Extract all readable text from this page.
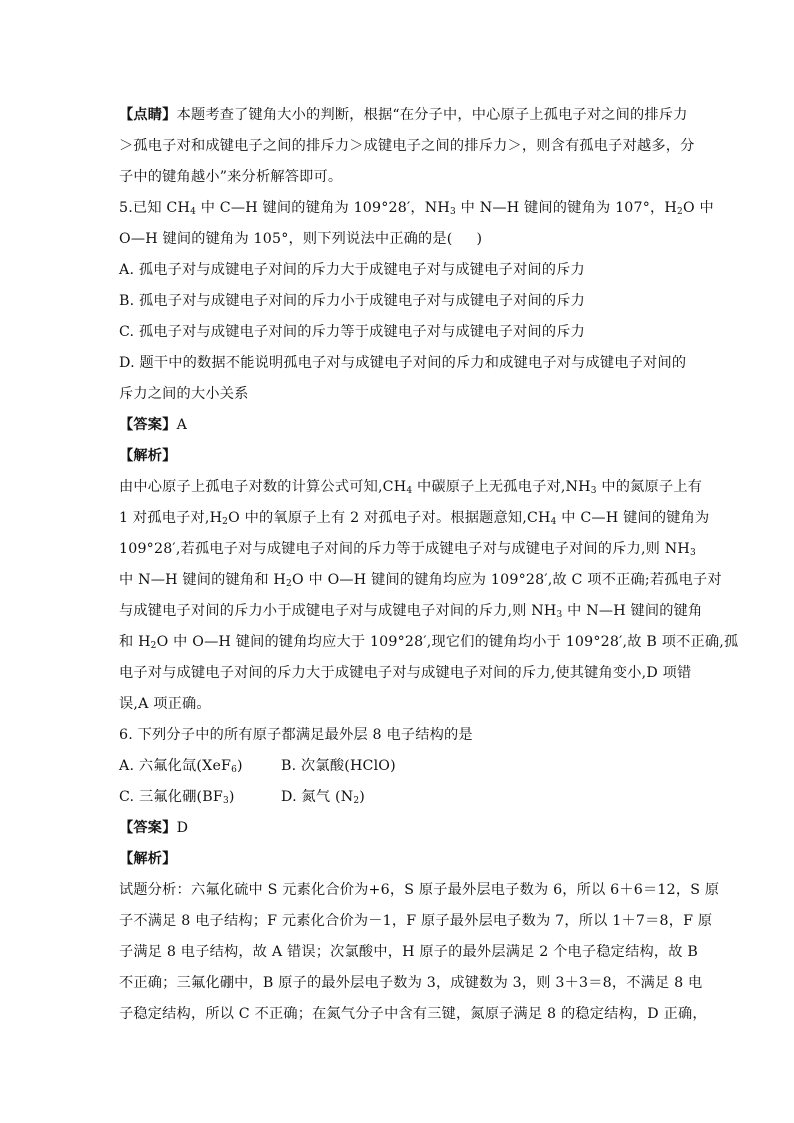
【点睛】本题考查了键角大小的判断，根据“在分子中，中心原子上孤电子对之间的排斥力
＞孤电子对和成键电子之间的排斥力＞成键电子之间的排斥力＞，则含有孤电子对越多，分
子中的键角越小”来分析解答即可。
5.已知 $CH_4$ 中 C—H 键间的键角为 109°28′，$NH_3$ 中 N—H 键间的键角为 107°，$H_2O$ 中
O—H 键间的键角为 105°，则下列说法中正确的是( )
A. 孤电子对与成键电子对间的斥力大于成键电子对与成键电子对间的斥力
B. 孤电子对与成键电子对间的斥力小于成键电子对与成键电子对间的斥力
C. 孤电子对与成键电子对间的斥力等于成键电子对与成键电子对间的斥力
D. 题干中的数据不能说明孤电子对与成键电子对间的斥力和成键电子对与成键电子对间的
斥力之间的大小关系
【答案】A
【解析】
由中心原子上孤电子对数的计算公式可知$,CH_4$ 中碳原子上无孤电子对$,NH_3$ 中的氮原子上有
1 对孤电子对$,H_2O$ 中的氧原子上有 2 对孤电子对。根据题意知$,CH_4$ 中 C—H 键间的键角为
109°28′,若孤电子对与成键电子对间的斥力等于成键电子对与成键电子对间的斥力,则 $NH_3$
中 N—H 键间的键角和 $H_2O$ 中 O—H 键间的键角均应为 109°28′,故 C 项不正确;若孤电子对
与成键电子对间的斥力小于成键电子对与成键电子对间的斥力,则 $NH_3$ 中 N—H 键间的键角
和 $H_2O$ 中 O—H 键间的键角均应大于 109°28′,现它们的键角均小于 109°28′,故 B 项不正确,孤
电子对与成键电子对间的斥力大于成键电子对与成键电子对间的斥力,使其键角变小,D 项错
误,A 项正确。
6. 下列分子中的所有原子都满足最外层 8 电子结构的是
A. 六氟化氙(XeF$_6$)	B. 次氯酸(HClO)
C. 三氟化硼$(BF_3)$	D. 氮气 $(N_2)$
【答案】D
【解析】
试题分析：六氟化硫中 S 元素化合价为+6，S 原子最外层电子数为 6，所以 6＋6＝12，S 原
子不满足 8 电子结构；F 元素化合价为－1，F 原子最外层电子数为 7，所以 1＋7＝8，F 原
子满足 8 电子结构，故 A 错误；次氯酸中，H 原子的最外层满足 2 个电子稳定结构，故 B
不正确；三氟化硼中，B 原子的最外层电子数为 3，成键数为 3，则 3＋3＝8，不满足 8 电
子稳定结构，所以 C 不正确；在氮气分子中含有三键，氮原子满足 8 的稳定结构，D 正确，
